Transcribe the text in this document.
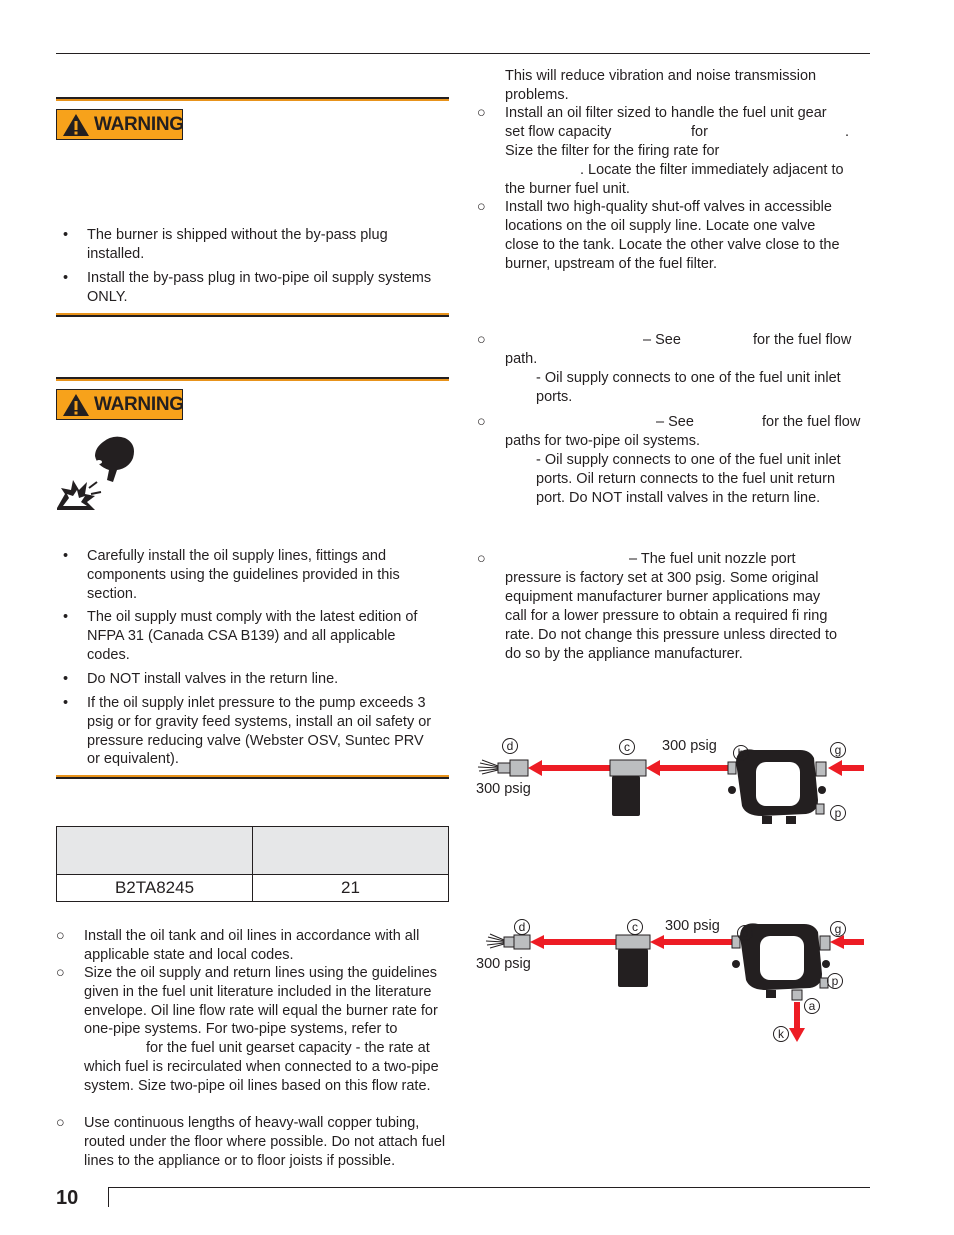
WARNING
• The burner is shipped without the by-pass plug installed.
• Install the by-pass plug in two-pipe oil supply systems ONLY.
WARNING
• Carefully install the oil supply lines, fittings and components using the guidelines provided in this section.
• The oil supply must comply with the latest edition of NFPA 31 (Canada CSA B139) and all applicable codes.
• Do NOT install valves in the return line.
• If the oil supply inlet pressure to the pump exceeds 3 psig or for gravity feed systems, install an oil safety or pressure reducing valve (Webster OSV, Suntec PRV or equivalent).

B2TA8245	21
○ Install the oil tank and oil lines in accordance with all applicable state and local codes.
○ Size the oil supply and return lines using the guidelines given in the fuel unit literature included in the literature envelope. Oil line flow rate will equal the burner rate for one-pipe systems. For two-pipe systems, refer to  for the fuel unit gearset capacity - the rate at which fuel is recirculated when connected to a two-pipe system. Size two-pipe oil lines based on this flow rate.
○ Use continuous lengths of heavy-wall copper tubing, routed under the floor where possible. Do not attach fuel lines to the appliance or to floor joists if possible.
10
This will reduce vibration and noise transmission problems.
○ Install an oil filter sized to handle the fuel unit gear
set flow capacity	for	.
Size the filter for the firing rate for
. Locate the filter immediately adjacent to
the burner fuel unit.
○ Install two high-quality shut-off valves in accessible
locations on the oil supply line. Locate one valve
close to the tank. Locate the other valve close to the
burner, upstream of the fuel filter.
○	– See	for the fuel flow
path.
- Oil supply connects to one of the fuel unit inlet
ports.
○	– See	for the fuel flow
paths for two-pipe oil systems.
- Oil supply connects to one of the fuel unit inlet
ports. Oil return connects to the fuel unit return
port. Do NOT install valves in the return line.
○	– The fuel unit nozzle port
pressure is factory set at 300 psig. Some original
equipment manufacturer burner applications may
call for a lower pressure to obtain a required fi ring
rate. Do not change this pressure unless directed to
do so by the appliance manufacturer.
300 psig
300 psig
d	c	b	g
p
300 psig
300 psig
d	c	b	g
p
a
k
